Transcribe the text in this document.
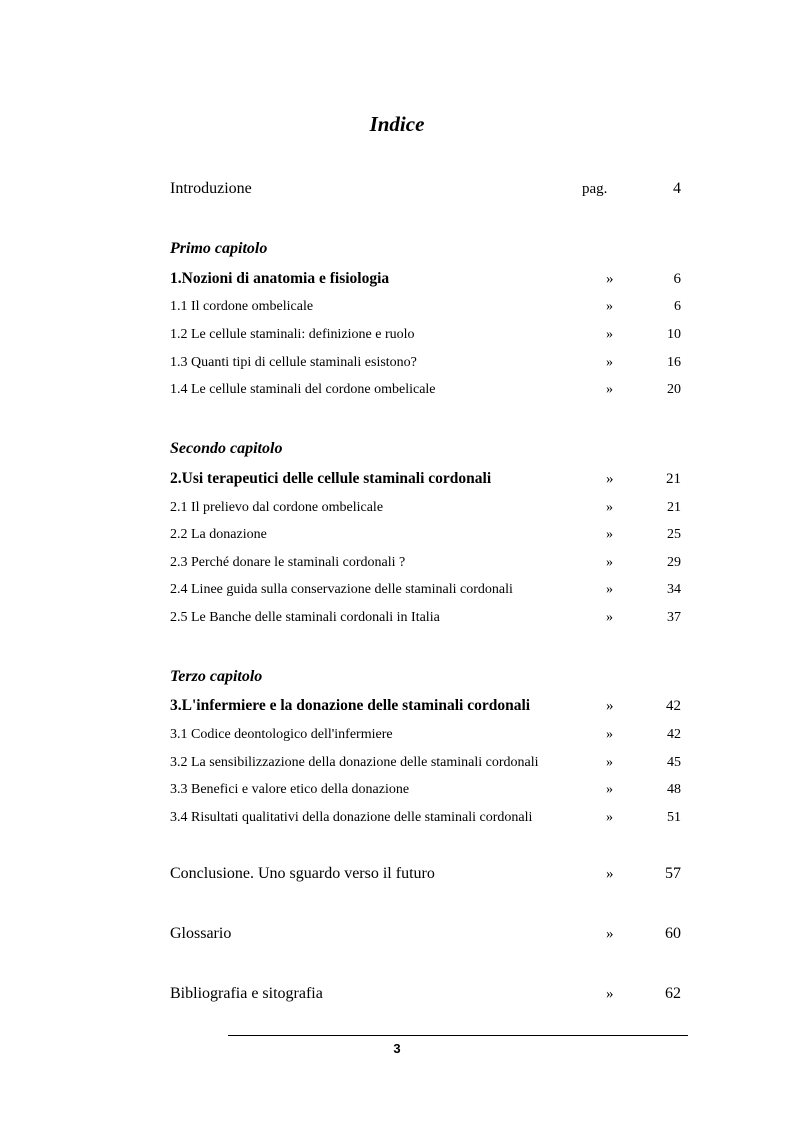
Indice
Introduzione	pag.	4
Primo capitolo
1.Nozioni di anatomia e fisiologia	»	6
1.1 Il cordone ombelicale	»	6
1.2 Le cellule staminali: definizione e ruolo	»	10
1.3 Quanti tipi di cellule staminali esistono?	»	16
1.4 Le cellule staminali del cordone ombelicale	»	20
Secondo capitolo
2.Usi terapeutici delle cellule staminali cordonali	»	21
2.1 Il prelievo dal cordone ombelicale	»	21
2.2 La donazione	»	25
2.3 Perché donare le staminali cordonali ?	»	29
2.4 Linee guida sulla conservazione delle staminali cordonali	»	34
2.5 Le Banche delle staminali cordonali in Italia	»	37
Terzo capitolo
3.L'infermiere e la donazione delle staminali cordonali	»	42
3.1 Codice deontologico dell'infermiere	»	42
3.2 La sensibilizzazione della donazione delle staminali cordonali	»	45
3.3 Benefici e valore etico della donazione	»	48
3.4 Risultati qualitativi della donazione delle staminali cordonali	»	51
Conclusione. Uno sguardo verso il futuro	»	57
Glossario	»	60
Bibliografia e sitografia	»	62
3
